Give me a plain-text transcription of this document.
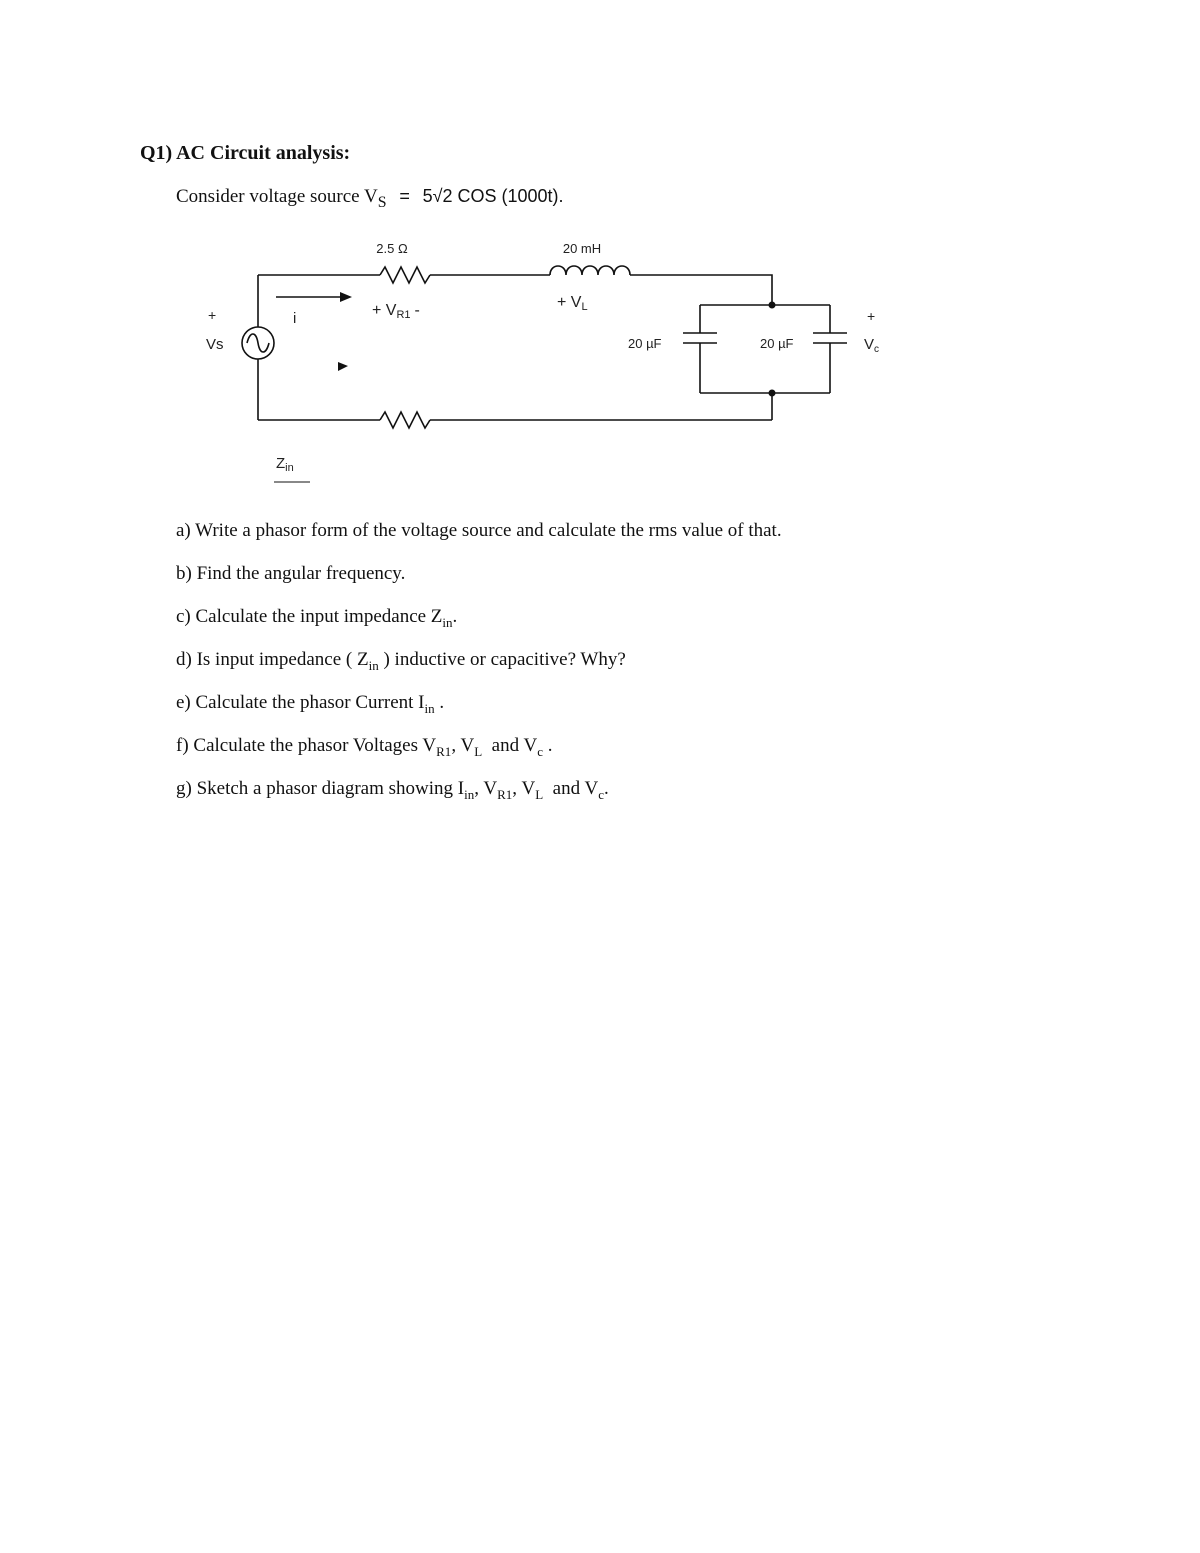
Q1) AC Circuit analysis:
Consider voltage source $V_S = 5√2$ COS (1000t).
2.5 Ω	20 mH
+ VR1 -	+ VL
+
Vs
i
20 µF	20 µF
+
$V_c$
$Z_{in}$
a) Write a phasor form of the voltage source and calculate the rms value of that.
b) Find the angular frequency.
c) Calculate the input impedance $Z_{in}$.
d) Is input impedance ( $Z_{in}$ ) inductive or capacitive? Why?
e) Calculate the phasor Current $I_{in}$ .
f) Calculate the phasor Voltages $V_{R1}$, $V_L$  and $V_c$ .
g) Sketch a phasor diagram showing $I_{in}$, $V_{R1}$, $V_L$  and $V_c$.
